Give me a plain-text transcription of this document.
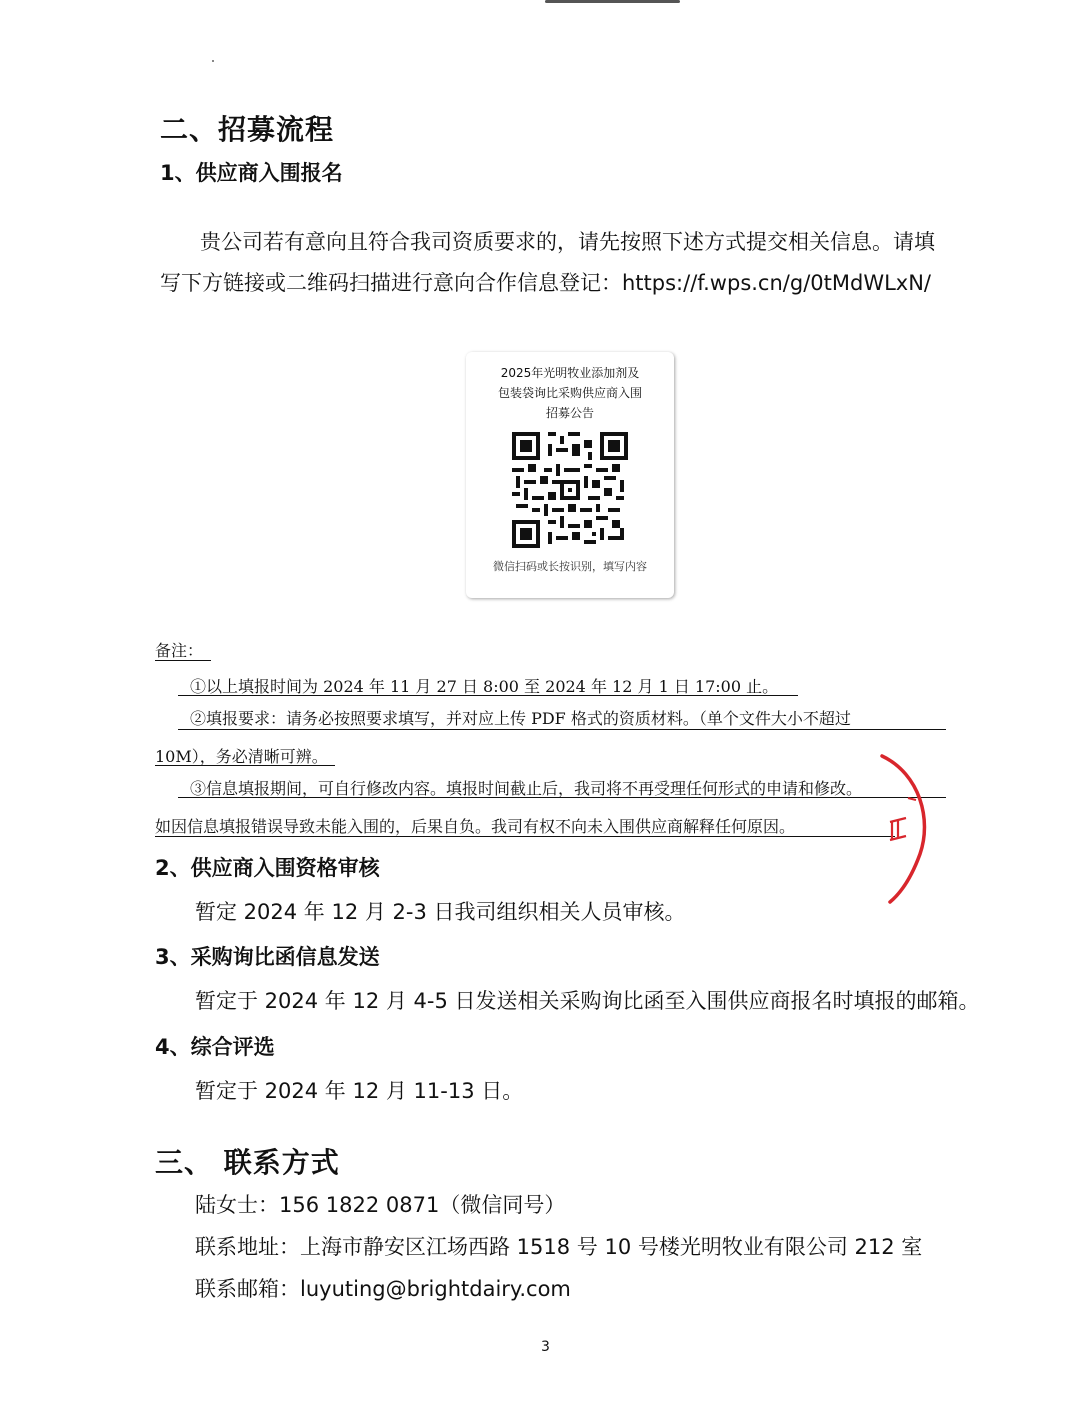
二、招募流程
1、供应商入围报名
贵公司若有意向且符合我司资质要求的，请先按照下述方式提交相关信息。请填
写下方链接或二维码扫描进行意向合作信息登记：https://f.wps.cn/g/0tMdWLxN/
2025年光明牧业添加剂及
包装袋询比采购供应商入围
招募公告
微信扫码或长按识别，填写内容
备注：
①以上填报时间为 2024 年 11 月 27 日 8:00 至 2024 年 12 月 1 日 17:00 止。
②填报要求：请务必按照要求填写，并对应上传 PDF 格式的资质材料。（单个文件大小不超过
10M），务必清晰可辨。
③信息填报期间，可自行修改内容。填报时间截止后，我司将不再受理任何形式的申请和修改。
如因信息填报错误导致未能入围的，后果自负。我司有权不向未入围供应商解释任何原因。
2、供应商入围资格审核
暂定 2024 年 12 月 2-3 日我司组织相关人员审核。
3、采购询比函信息发送
暂定于 2024 年 12 月 4-5 日发送相关采购询比函至入围供应商报名时填报的邮箱。
4、综合评选
暂定于 2024 年 12 月 11-13 日。
三、 联系方式
陆女士：156 1822 0871（微信同号）
联系地址：上海市静安区江场西路 1518 号 10 号楼光明牧业有限公司 212 室
联系邮箱：luyuting@brightdairy.com
3
